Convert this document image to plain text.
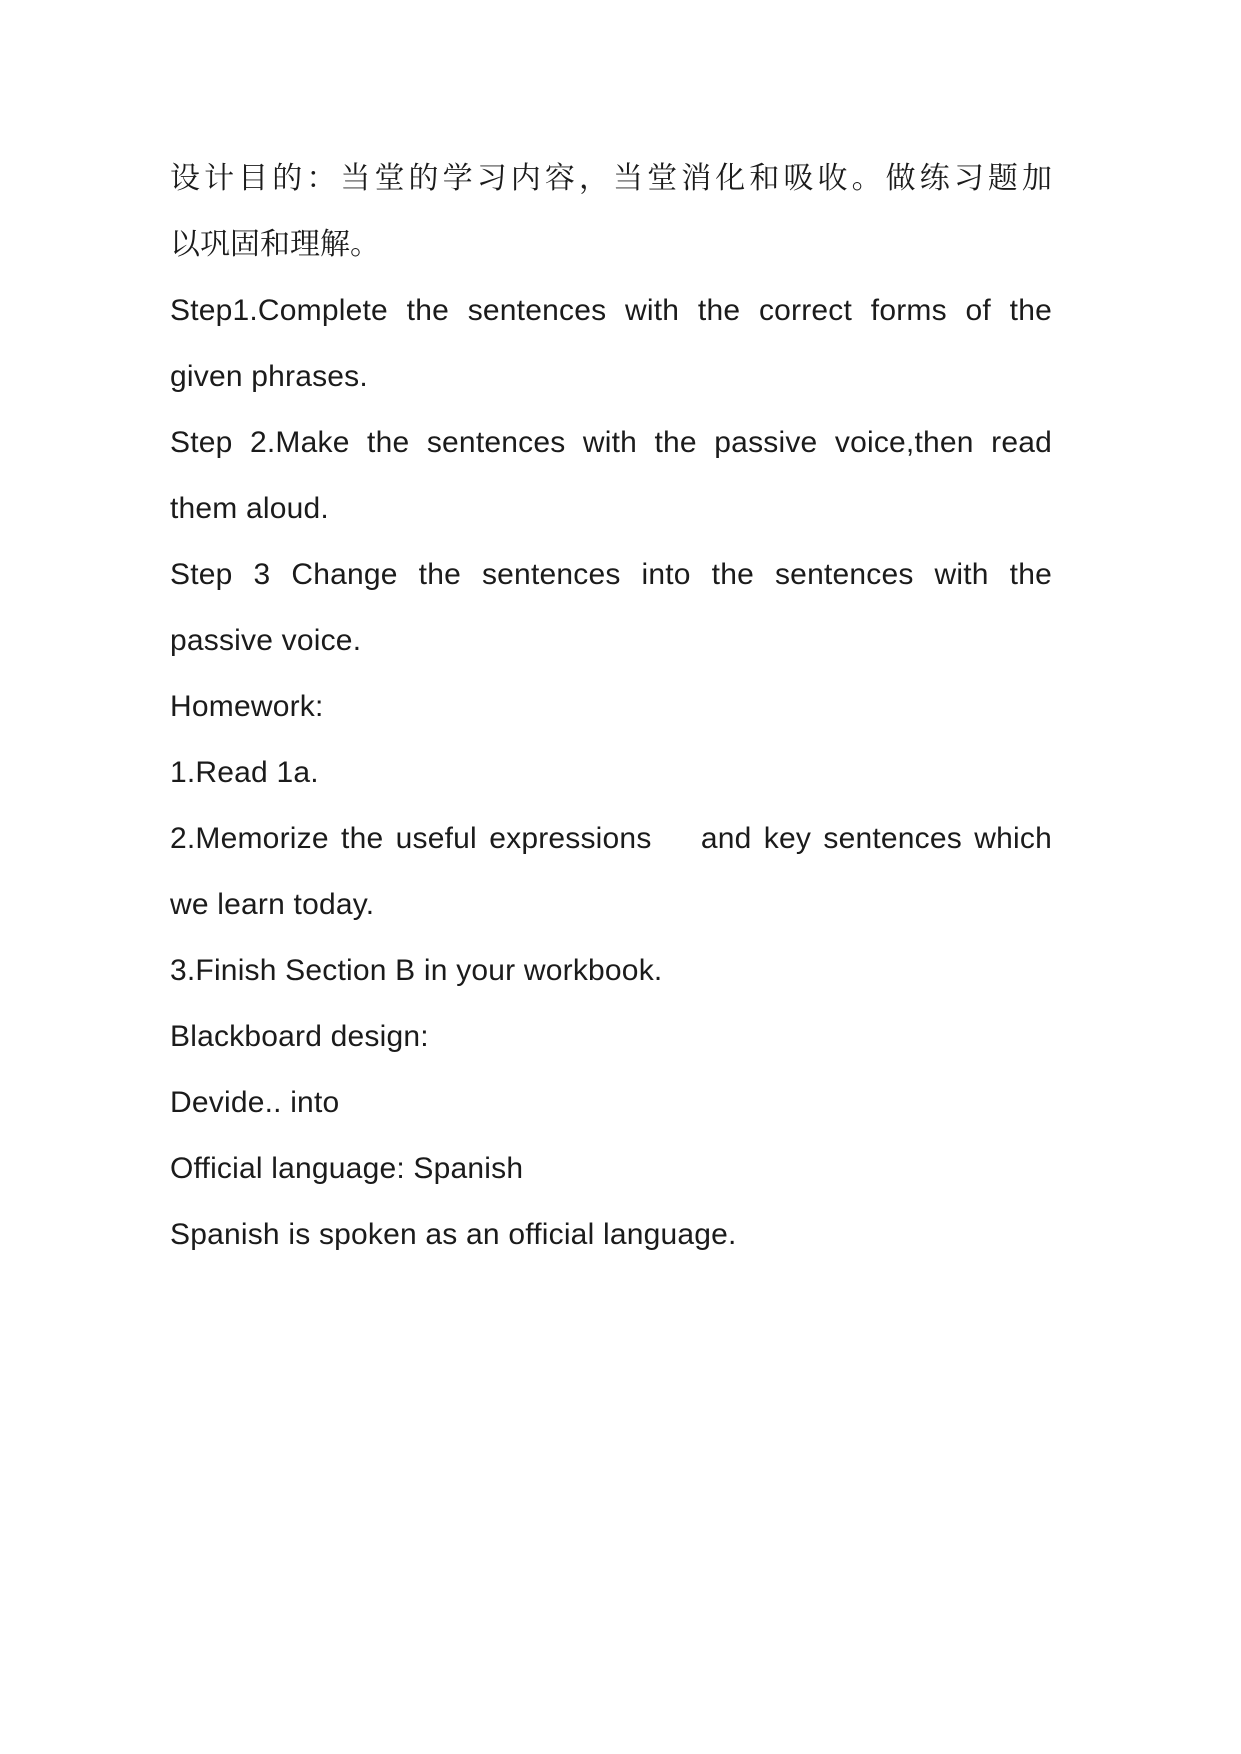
设计目的：当堂的学习内容，当堂消化和吸收。做练习题加
以巩固和理解。
Step1.Complete the sentences with the correct forms of the
given phrases.
Step 2.Make the sentences with the passive voice,then read
them aloud.
Step 3 Change the sentences into the sentences with the
passive voice.
Homework:
1.Read 1a.
2.Memorize the useful expressions    and key sentences which
we learn today.
3.Finish Section B in your workbook.
Blackboard design:
Devide.. into
Official language: Spanish
Spanish is spoken as an official language.
